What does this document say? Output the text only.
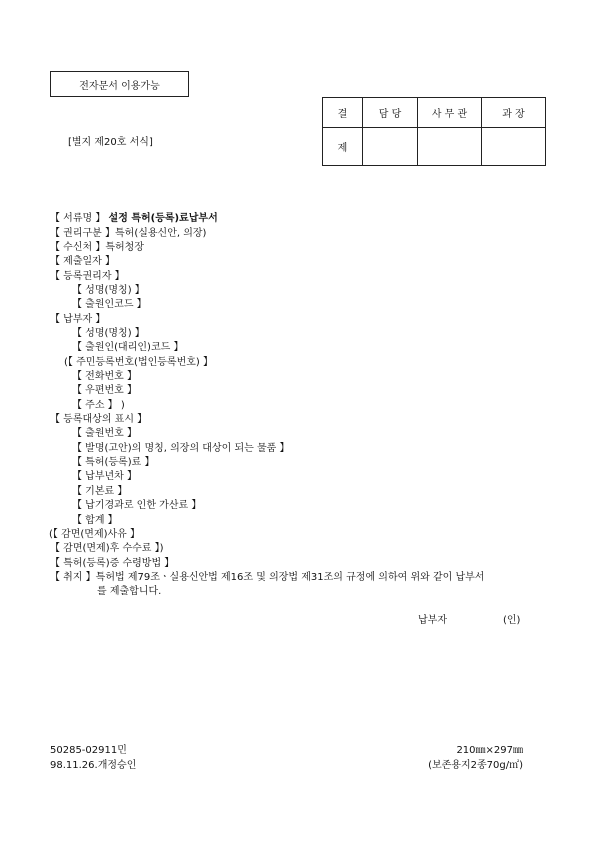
전자문서 이용가능
[별지 제20호 서식]
결	담 당	사 무 관	과 장
제			
【 서류명 】 설정 특허(등록)료납부서
【 권리구분 】특허(실용신안, 의장)
【 수신처 】특허청장
【 제출일자 】
【 등록권리자 】
【 성명(명칭) 】
【 출원인코드 】
【 납부자 】
【 성명(명칭) 】
【 출원인(대리인)코드 】
(【 주민등록번호(법인등록번호) 】
【 전화번호 】
【 우편번호 】
【 주소 】 )
【 등록대상의 표시 】
【 출원번호 】
【 발명(고안)의 명칭, 의장의 대상이 되는 물품 】
【 특허(등록)료 】
【 납부년차 】
【 기본료 】
【 납기경과로 인한 가산료 】
【 합계 】
(【 감면(면제)사유 】
【 감면(면제)후 수수료 】)
【 특허(등록)증 수령방법 】
【 취지 】특허법 제79조ㆍ실용신안법 제16조 및 의장법 제31조의 규정에 의하여 위와 같이 납부서
를 제출합니다.
납부자	(인)
50285-02911민
98.11.26.개정승인
210㎜×297㎜
(보존용지2종70g/㎡)
